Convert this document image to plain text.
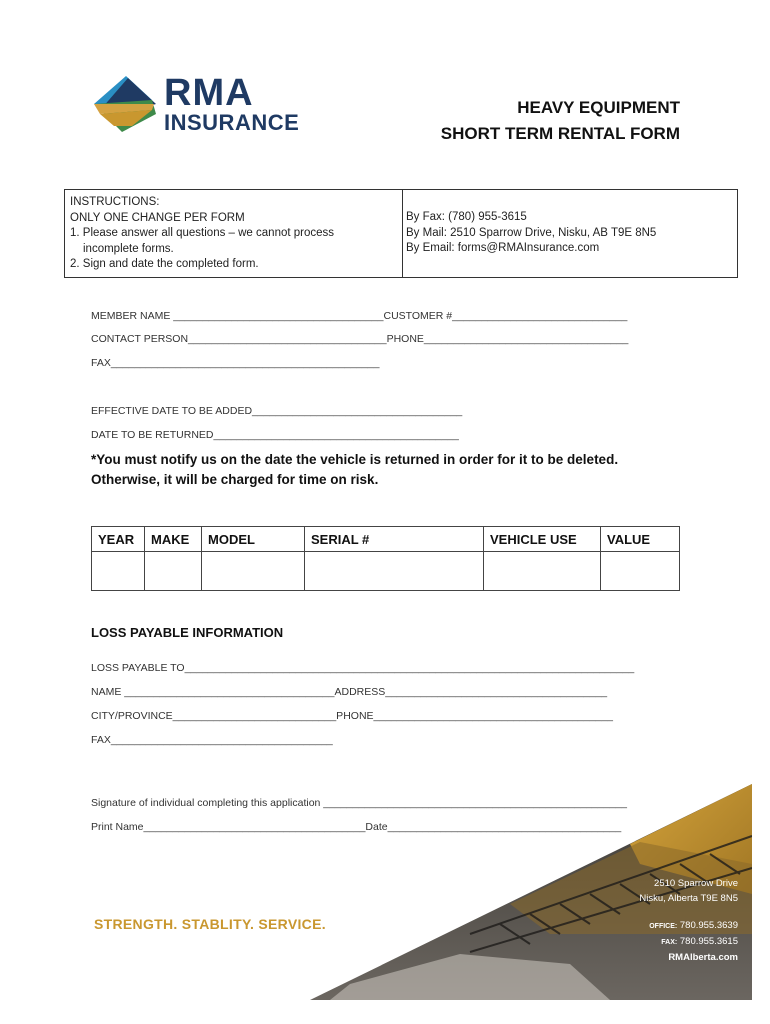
RMA
INSURANCE
HEAVY EQUIPMENT
SHORT TERM RENTAL FORM
INSTRUCTIONS:
ONLY ONE CHANGE PER FORM
1. Please answer all questions – we cannot process
incomplete forms.
2. Sign and date the completed form.
By Fax: (780) 955-3615
By Mail: 2510 Sparrow Drive, Nisku, AB T9E 8N5
By Email: forms@RMAInsurance.com
MEMBER NAME ____________________________________CUSTOMER #______________________________
CONTACT PERSON__________________________________PHONE___________________________________
FAX______________________________________________
EFFECTIVE DATE TO BE ADDED____________________________________
DATE TO BE RETURNED__________________________________________
*You must notify us on the date the vehicle is returned in order for it to be deleted.
Otherwise, it will be charged for time on risk.
YEAR	MAKE	MODEL	SERIAL #	VEHICLE USE	VALUE

LOSS PAYABLE INFORMATION
LOSS PAYABLE TO_____________________________________________________________________________
NAME ____________________________________ADDRESS______________________________________
CITY/PROVINCE____________________________PHONE_________________________________________
FAX______________________________________
Signature of individual completing this application ____________________________________________________
Print Name______________________________________Date________________________________________
STRENGTH. STABLITY. SERVICE.
2510 Sparrow Drive
Nisku, Alberta T9E 8N5
OFFICE: 780.955.3639
FAX: 780.955.3615
RMAlberta.com
